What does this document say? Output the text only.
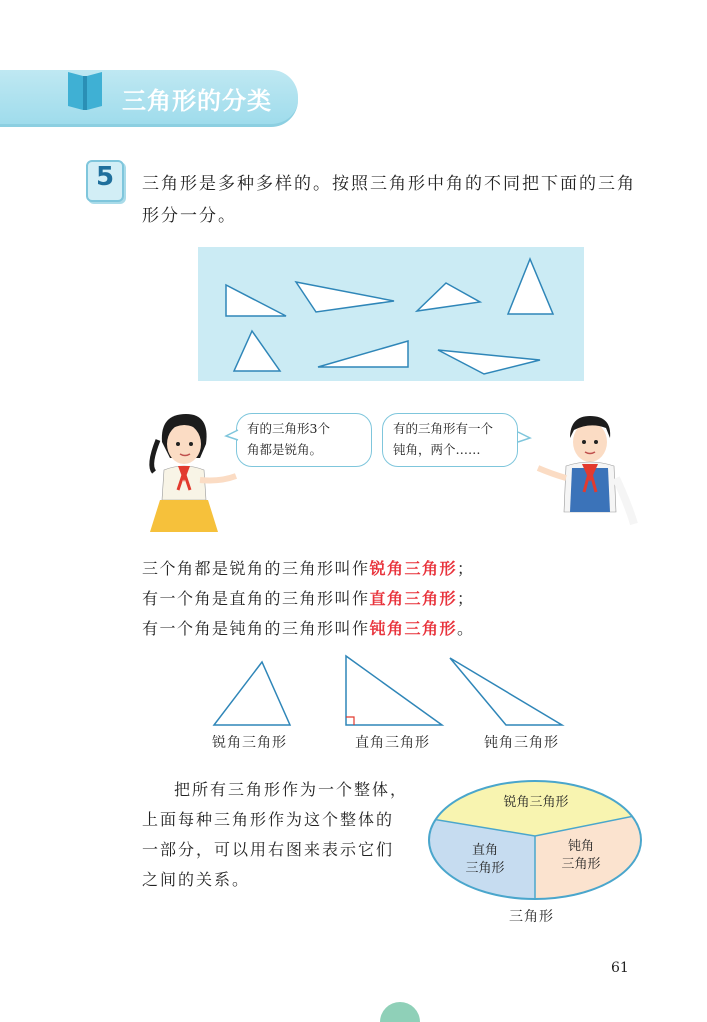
三角形的分类
5	三角形是多种多样的。按照三角形中角的不同把下面的三角
形分一分。
有的三角形3个
角都是锐角。
有的三角形有一个
钝角，两个……
三个角都是锐角的三角形叫作锐角三角形；
有一个角是直角的三角形叫作直角三角形；
有一个角是钝角的三角形叫作钝角三角形。
锐角三角形	直角三角形	钝角三角形
把所有三角形作为一个整体，
上面每种三角形作为这个整体的
一部分，可以用右图来表示它们
之间的关系。
锐角三角形
直角
三角形
钝角
三角形
三角形
61
